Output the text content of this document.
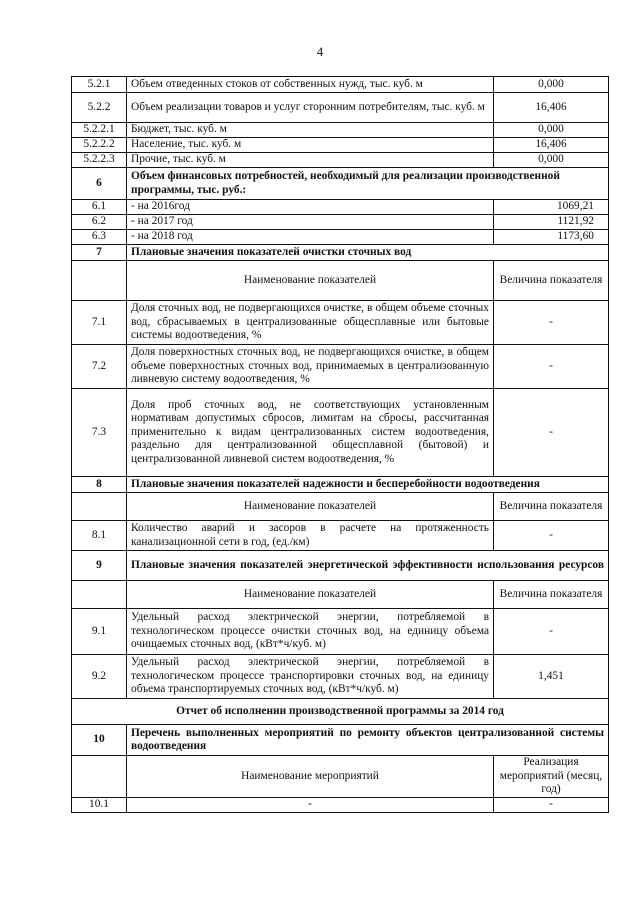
4
5.2.1	Объем отведенных стоков от собственных нужд, тыс. куб. м	0,000
5.2.2	Объем реализации товаров и услуг сторонним потребителям, тыс. куб. м	16,406
5.2.2.1	Бюджет, тыс. куб. м	0,000
5.2.2.2	Население, тыс. куб. м	16,406
5.2.2.3	Прочие, тыс. куб. м	0,000
6	Объем финансовых потребностей, необходимый для реализации производственной программы, тыс. руб.:	
6.1	- на 2016год	1069,21
6.2	- на 2017 год	1121,92
6.3	- на 2018 год	1173,60
7	Плановые значения показателей очистки сточных вод	
	Наименование показателей	Величина показателя
7.1	Доля сточных вод, не подвергающихся очистке, в общем объеме сточных вод, сбрасываемых в централизованные общесплавные или бытовые системы водоотведения, %	-
7.2	Доля поверхностных сточных вод, не подвергающихся очистке, в общем объеме поверхностных сточных вод, принимаемых в централизованную ливневую систему водоотведения, %	-
7.3	Доля проб сточных вод, не соответствующих установленным нормативам допустимых сбросов, лимитам на сбросы, рассчитанная применительно к видам централизованных систем водоотведения, раздельно для централизованной общесплавной (бытовой) и централизованной ливневой систем водоотведения, %	-
8	Плановые значения показателей надежности и бесперебойности водоотведения	
	Наименование показателей	Величина показателя
8.1	Количество аварий и засоров в расчете на протяженность канализационной сети в год, (ед./км)	-
9	Плановые значения показателей энергетической эффективности использования ресурсов	
	Наименование показателей	Величина показателя
9.1	Удельный расход электрической энергии, потребляемой в технологическом процессе очистки сточных вод, на единицу объема очищаемых сточных вод, (кВт*ч/куб. м)	-
9.2	Удельный расход электрической энергии, потребляемой в технологическом процессе транспортировки сточных вод, на единицу объема транспортируемых сточных вод, (кВт*ч/куб. м)	1,451
Отчет об исполнении производственной программы за 2014 год		
10	Перечень выполненных мероприятий по ремонту объектов централизованной системы водоотведения	
	Наименование мероприятий	Реализация мероприятий (месяц, год)
10.1	-	-
